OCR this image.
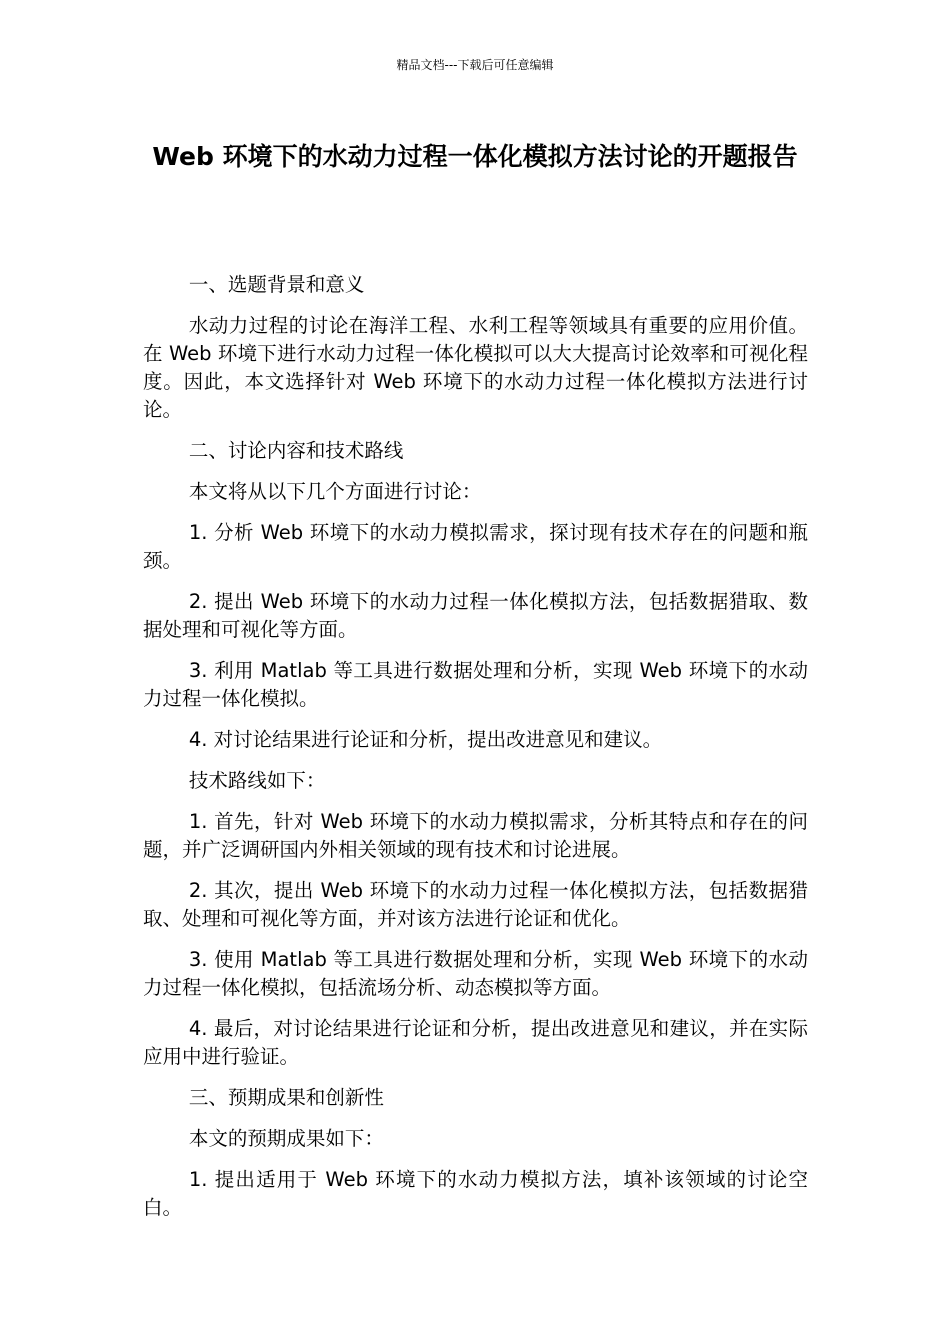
精品文档---下载后可任意编辑
Web 环境下的水动力过程一体化模拟方法讨论的开题报告

一、选题背景和意义

水动力过程的讨论在海洋工程、水利工程等领域具有重要的应用价值。在 Web 环境下进行水动力过程一体化模拟可以大大提高讨论效率和可视化程度。因此，本文选择针对 Web 环境下的水动力过程一体化模拟方法进行讨论。

二、讨论内容和技术路线

本文将从以下几个方面进行讨论：

1. 分析 Web 环境下的水动力模拟需求，探讨现有技术存在的问题和瓶颈。

2. 提出 Web 环境下的水动力过程一体化模拟方法，包括数据猎取、数据处理和可视化等方面。

3. 利用 Matlab 等工具进行数据处理和分析，实现 Web 环境下的水动力过程一体化模拟。

4. 对讨论结果进行论证和分析，提出改进意见和建议。

技术路线如下：

1. 首先，针对 Web 环境下的水动力模拟需求，分析其特点和存在的问题，并广泛调研国内外相关领域的现有技术和讨论进展。

2. 其次，提出 Web 环境下的水动力过程一体化模拟方法，包括数据猎取、处理和可视化等方面，并对该方法进行论证和优化。

3. 使用 Matlab 等工具进行数据处理和分析，实现 Web 环境下的水动力过程一体化模拟，包括流场分析、动态模拟等方面。

4. 最后，对讨论结果进行论证和分析，提出改进意见和建议，并在实际应用中进行验证。

三、预期成果和创新性

本文的预期成果如下：

1. 提出适用于 Web 环境下的水动力模拟方法，填补该领域的讨论空白。
